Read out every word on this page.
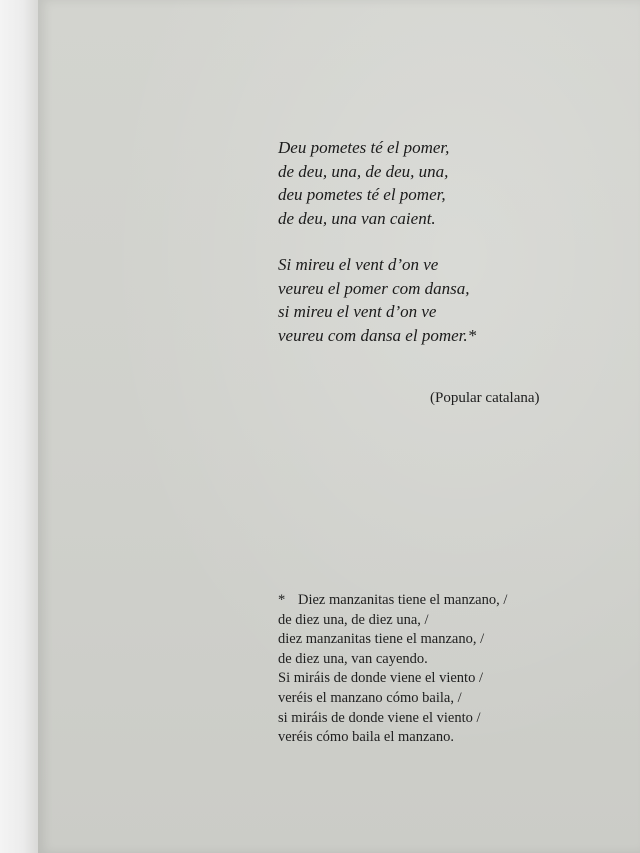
Deu pometes té el pomer,
de deu, una, de deu, una,
deu pometes té el pomer,
de deu, una van caient.

Si mireu el vent d’on ve
veureu el pomer com dansa,
si mireu el vent d’on ve
veureu com dansa el pomer.*

(Popular catalana)
* Diez manzanitas tiene el manzano, /
de diez una, de diez una, /
diez manzanitas tiene el manzano, /
de diez una, van cayendo.
Si miráis de donde viene el viento /
veréis el manzano cómo baila, /
si miráis de donde viene el viento /
veréis cómo baila el manzano.
